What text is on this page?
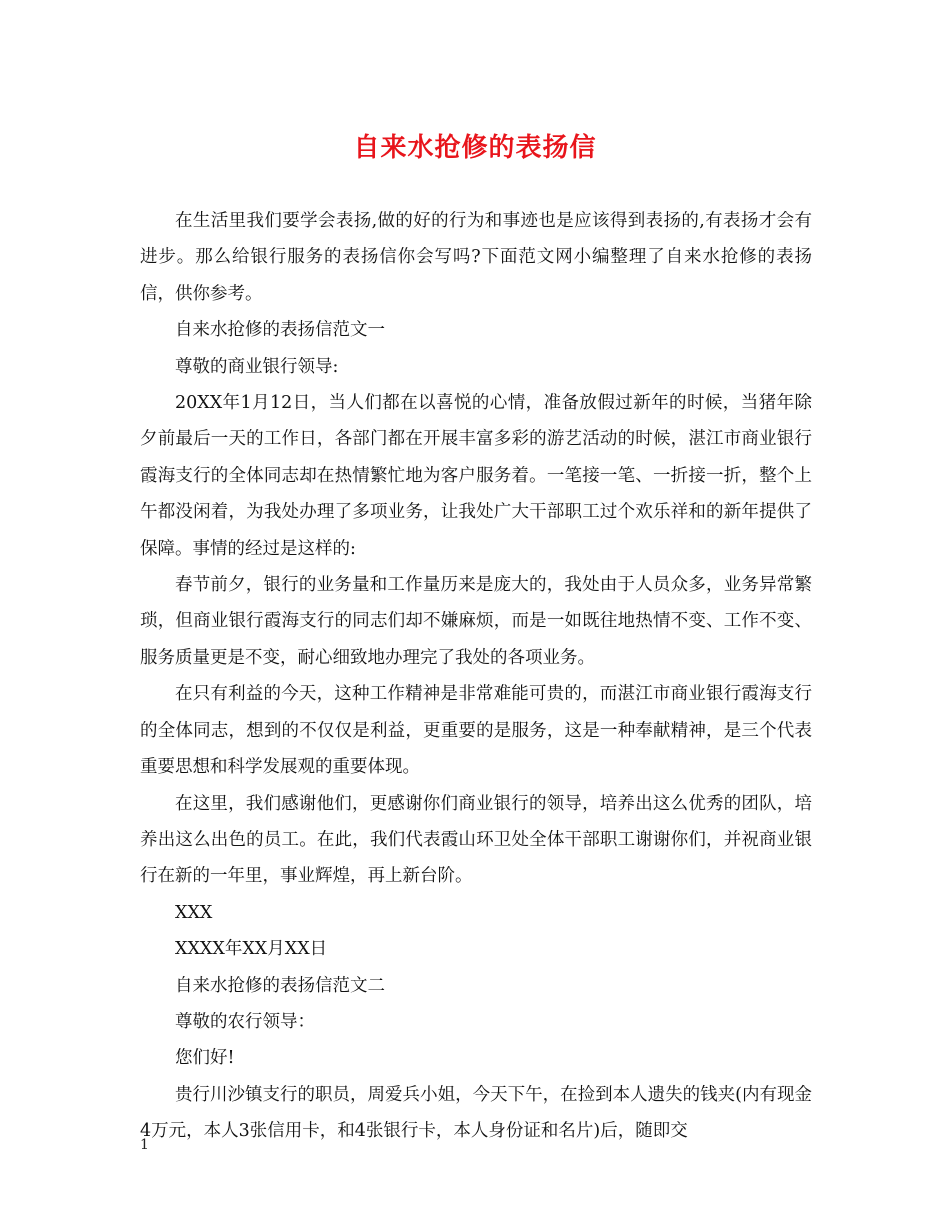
自来水抢修的表扬信

在生活里我们要学会表扬,做的好的行为和事迹也是应该得到表扬的,有表扬才会有进步。那么给银行服务的表扬信你会写吗?下面范文网小编整理了自来水抢修的表扬信，供你参考。

自来水抢修的表扬信范文一

尊敬的商业银行领导:

20XX年1月12日，当人们都在以喜悦的心情，准备放假过新年的时候，当猪年除夕前最后一天的工作日，各部门都在开展丰富多彩的游艺活动的时候，湛江市商业银行霞海支行的全体同志却在热情繁忙地为客户服务着。一笔接一笔、一折接一折，整个上午都没闲着，为我处办理了多项业务，让我处广大干部职工过个欢乐祥和的新年提供了保障。事情的经过是这样的:

春节前夕，银行的业务量和工作量历来是庞大的，我处由于人员众多，业务异常繁琐，但商业银行霞海支行的同志们却不嫌麻烦，而是一如既往地热情不变、工作不变、服务质量更是不变，耐心细致地办理完了我处的各项业务。

在只有利益的今天，这种工作精神是非常难能可贵的，而湛江市商业银行霞海支行的全体同志，想到的不仅仅是利益，更重要的是服务，这是一种奉献精神，是三个代表重要思想和科学发展观的重要体现。

在这里，我们感谢他们，更感谢你们商业银行的领导，培养出这么优秀的团队，培养出这么出色的员工。在此，我们代表霞山环卫处全体干部职工谢谢你们，并祝商业银行在新的一年里，事业辉煌，再上新台阶。

XXX

XXXX年XX月XX日

自来水抢修的表扬信范文二

尊敬的农行领导：

您们好!

贵行川沙镇支行的职员，周爱兵小姐，今天下午，在捡到本人遗失的钱夹(内有现金4万元，本人3张信用卡，和4张银行卡，本人身份证和名片)后，随即交

1
